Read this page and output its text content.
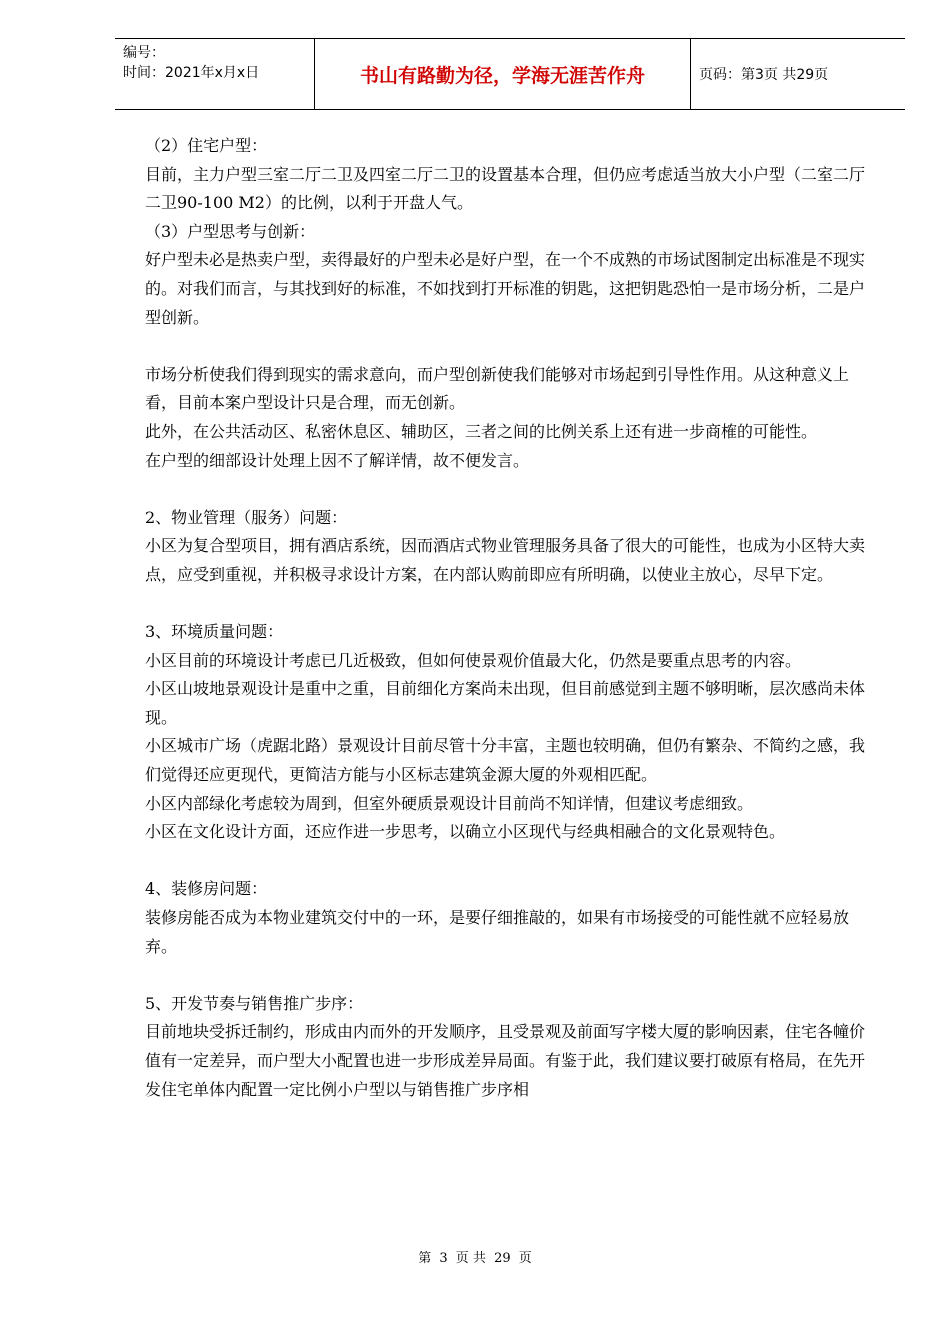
编号：
时间：2021年x月x日	书山有路勤为径，学海无涯苦作舟	页码：第3页 共29页

（2）住宅户型：

目前，主力户型三室二厅二卫及四室二厅二卫的设置基本合理，但仍应考虑适当放大小户型（二室二厅二卫90-100 M2）的比例，以利于开盘人气。

（3）户型思考与创新：

好户型未必是热卖户型，卖得最好的户型未必是好户型，在一个不成熟的市场试图制定出标准是不现实的。对我们而言，与其找到好的标准，不如找到打开标准的钥匙，这把钥匙恐怕一是市场分析，二是户型创新。

市场分析使我们得到现实的需求意向，而户型创新使我们能够对市场起到引导性作用。从这种意义上看，目前本案户型设计只是合理，而无创新。

此外，在公共活动区、私密休息区、辅助区，三者之间的比例关系上还有进一步商榷的可能性。

在户型的细部设计处理上因不了解详情，故不便发言。

2、物业管理（服务）问题：

小区为复合型项目，拥有酒店系统，因而酒店式物业管理服务具备了很大的可能性，也成为小区特大卖点，应受到重视，并积极寻求设计方案，在内部认购前即应有所明确，以使业主放心，尽早下定。

3、环境质量问题：

小区目前的环境设计考虑已几近极致，但如何使景观价值最大化，仍然是要重点思考的内容。

小区山坡地景观设计是重中之重，目前细化方案尚未出现，但目前感觉到主题不够明晰，层次感尚未体现。

小区城市广场（虎踞北路）景观设计目前尽管十分丰富，主题也较明确，但仍有繁杂、不简约之感，我们觉得还应更现代，更简洁方能与小区标志建筑金源大厦的外观相匹配。

小区内部绿化考虑较为周到，但室外硬质景观设计目前尚不知详情，但建议考虑细致。

小区在文化设计方面，还应作进一步思考，以确立小区现代与经典相融合的文化景观特色。

4、装修房问题：

装修房能否成为本物业建筑交付中的一环，是要仔细推敲的，如果有市场接受的可能性就不应轻易放弃。

5、开发节奏与销售推广步序：

目前地块受拆迁制约，形成由内而外的开发顺序，且受景观及前面写字楼大厦的影响因素，住宅各幢价值有一定差异，而户型大小配置也进一步形成差异局面。有鉴于此，我们建议要打破原有格局，在先开发住宅单体内配置一定比例小户型以与销售推广步序相

第 3 页 共 29 页
